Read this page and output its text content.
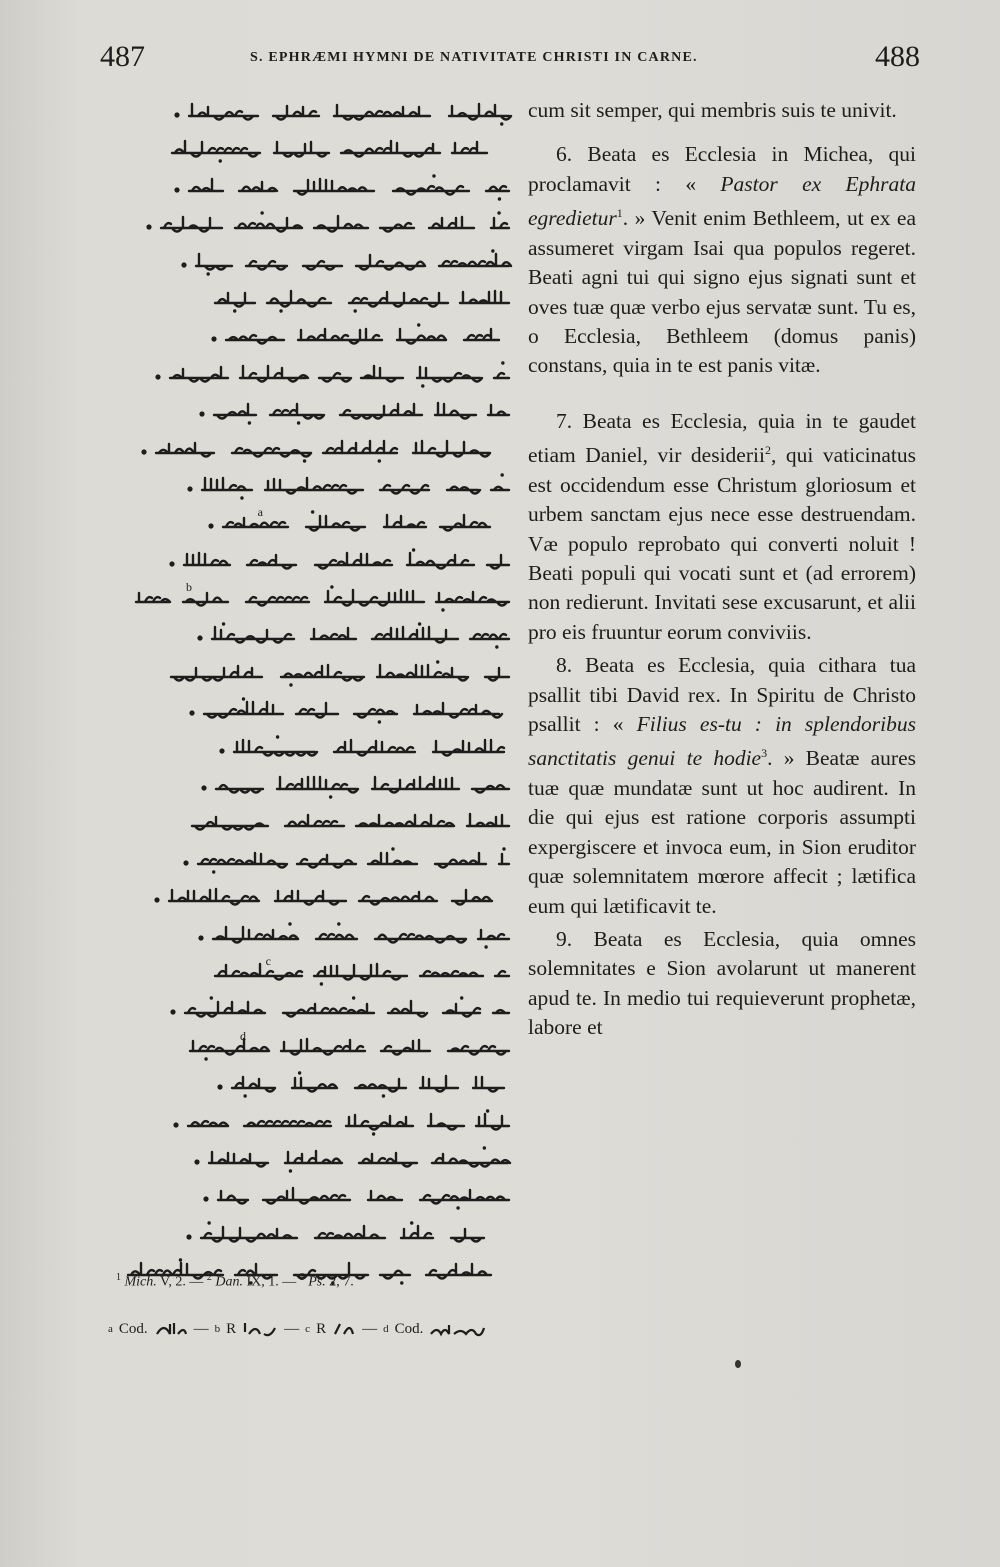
487	S. EPHRÆMI HYMNI DE NATIVITATE CHRISTI IN CARNE.	488
a
b
c
d

cum sit semper, qui membris suis te univit.

6. Beata es Ecclesia in Michea, qui proclamavit : « Pastor ex Ephrata egredietur$^1$. » Venit enim Bethleem, ut ex ea assumeret virgam Isai qua populos regeret. Beati agni tui qui signo ejus signati sunt et oves tuæ quæ verbo ejus servatæ sunt. Tu es, o Ecclesia, Bethleem (domus panis) constans, quia in te est panis vitæ.

7. Beata es Ecclesia, quia in te gaudet etiam Daniel, vir desiderii$^2$, qui vaticinatus est occidendum esse Christum gloriosum et urbem sanctam ejus nece esse destruendam. Væ populo reprobato qui converti noluit ! Beati populi qui vocati sunt et (ad errorem) non redierunt. Invitati sese excusarunt, et alii pro eis fruuntur eorum conviviis.

8. Beata es Ecclesia, quia cithara tua psallit tibi David rex. In Spiritu de Christo psallit : « Filius es-tu : in splendoribus sanctitatis genui te hodie$^3$. » Beatæ aures tuæ quæ mundatæ sunt ut hoc audirent. In die qui ejus est ratione corporis assumpti expergiscere et invoca eum, in Sion eruditor quæ solemnitatem mœrore affecit ; lætifica eum qui lætificavit te.

9. Beata es Ecclesia, quia omnes solemnitates e Sion avolarunt ut manerent apud te. In medio tui requieverunt prophetæ, labore et

$^1$ Mich. V, 2. — $^2$ Dan. IX, 1. — $^3$ Ps. 2, 7.
a Cod.	— b R	— c R — d Cod.
